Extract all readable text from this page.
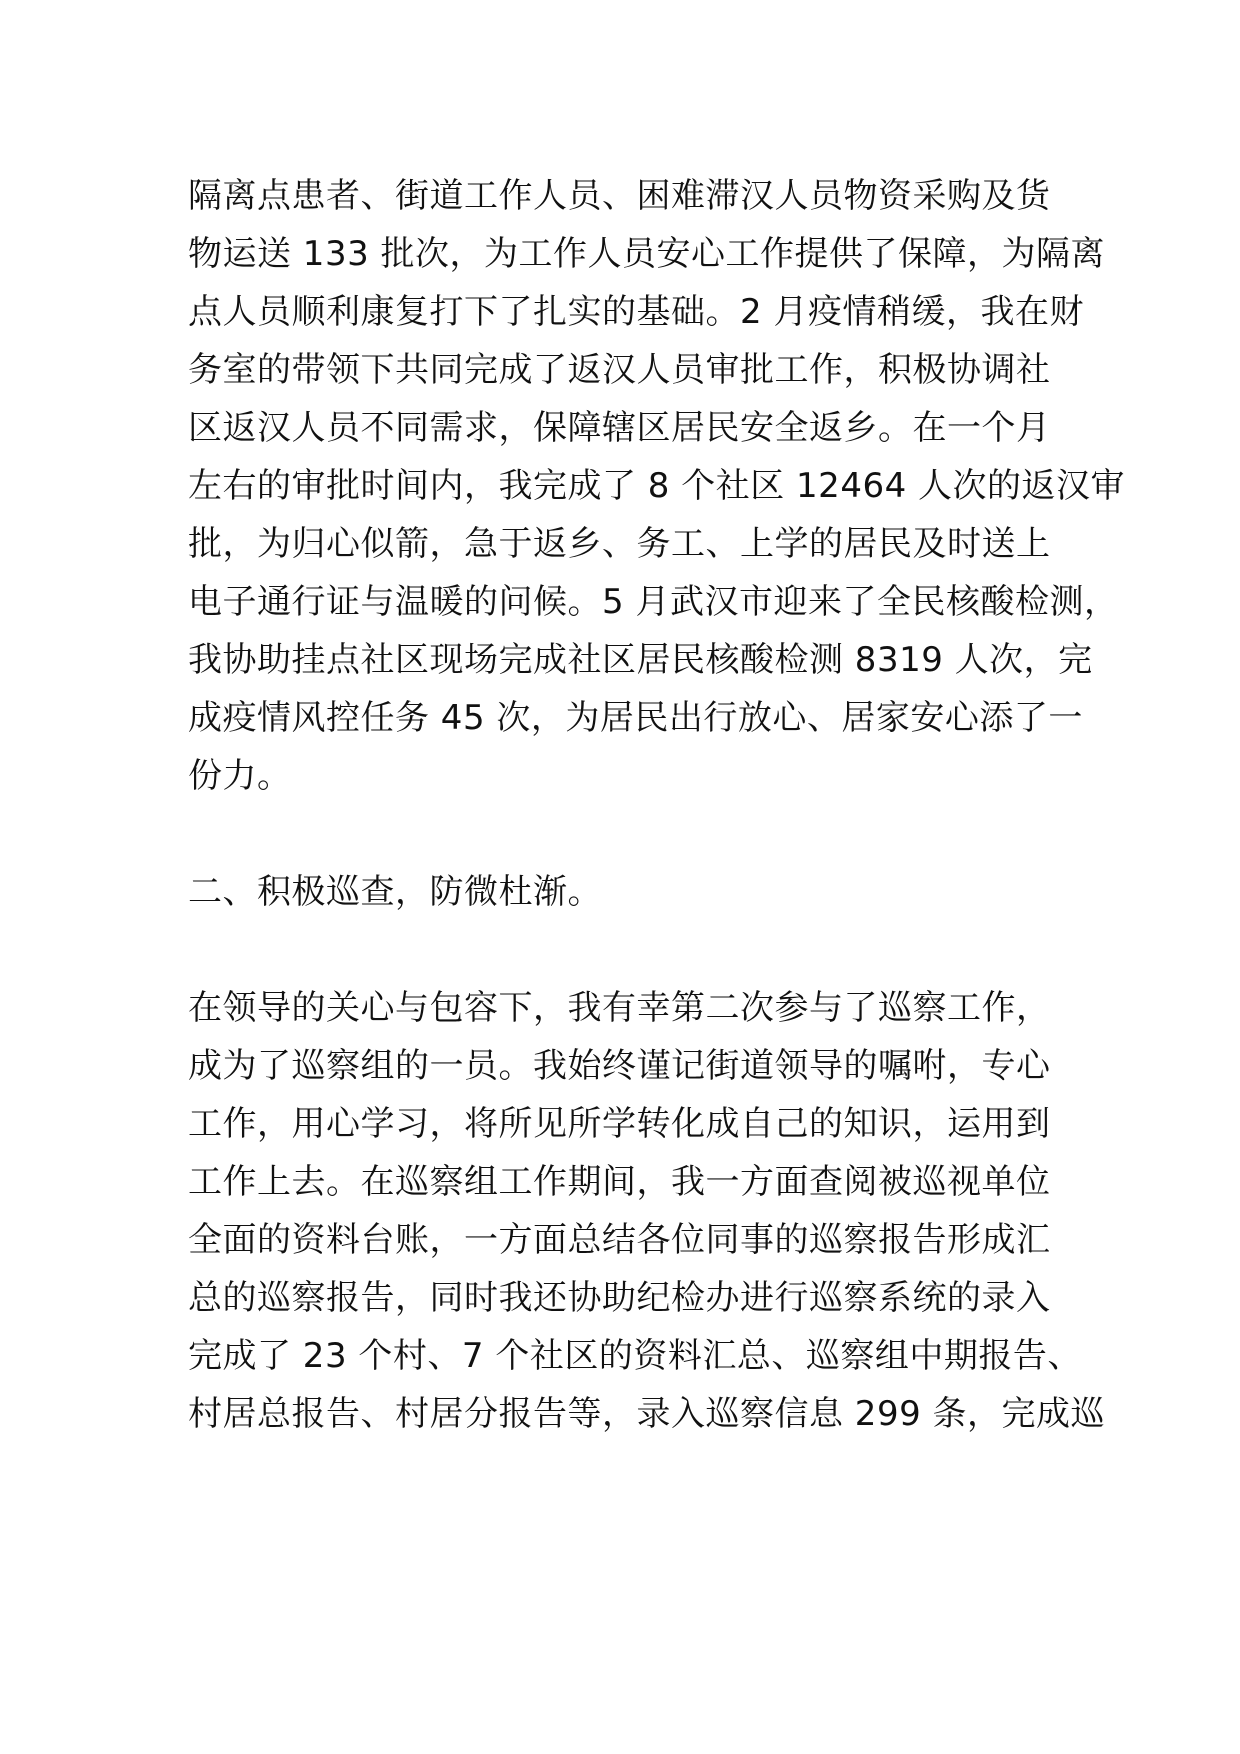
隔离点患者、街道工作人员、困难滞汉人员物资采购及货
物运送 133 批次，为工作人员安心工作提供了保障，为隔离
点人员顺利康复打下了扎实的基础。2 月疫情稍缓，我在财
务室的带领下共同完成了返汉人员审批工作，积极协调社
区返汉人员不同需求，保障辖区居民安全返乡。在一个月
左右的审批时间内，我完成了 8 个社区 12464 人次的返汉审
批，为归心似箭，急于返乡、务工、上学的居民及时送上
电子通行证与温暖的问候。5 月武汉市迎来了全民核酸检测，
我协助挂点社区现场完成社区居民核酸检测 8319 人次，完
成疫情风控任务 45 次，为居民出行放心、居家安心添了一
份力。
二、积极巡查，防微杜渐。
在领导的关心与包容下，我有幸第二次参与了巡察工作，
成为了巡察组的一员。我始终谨记街道领导的嘱咐，专心
工作，用心学习，将所见所学转化成自己的知识，运用到
工作上去。在巡察组工作期间，我一方面查阅被巡视单位
全面的资料台账，一方面总结各位同事的巡察报告形成汇
总的巡察报告，同时我还协助纪检办进行巡察系统的录入
完成了 23 个村、7 个社区的资料汇总、巡察组中期报告、
村居总报告、村居分报告等，录入巡察信息 299 条，完成巡
